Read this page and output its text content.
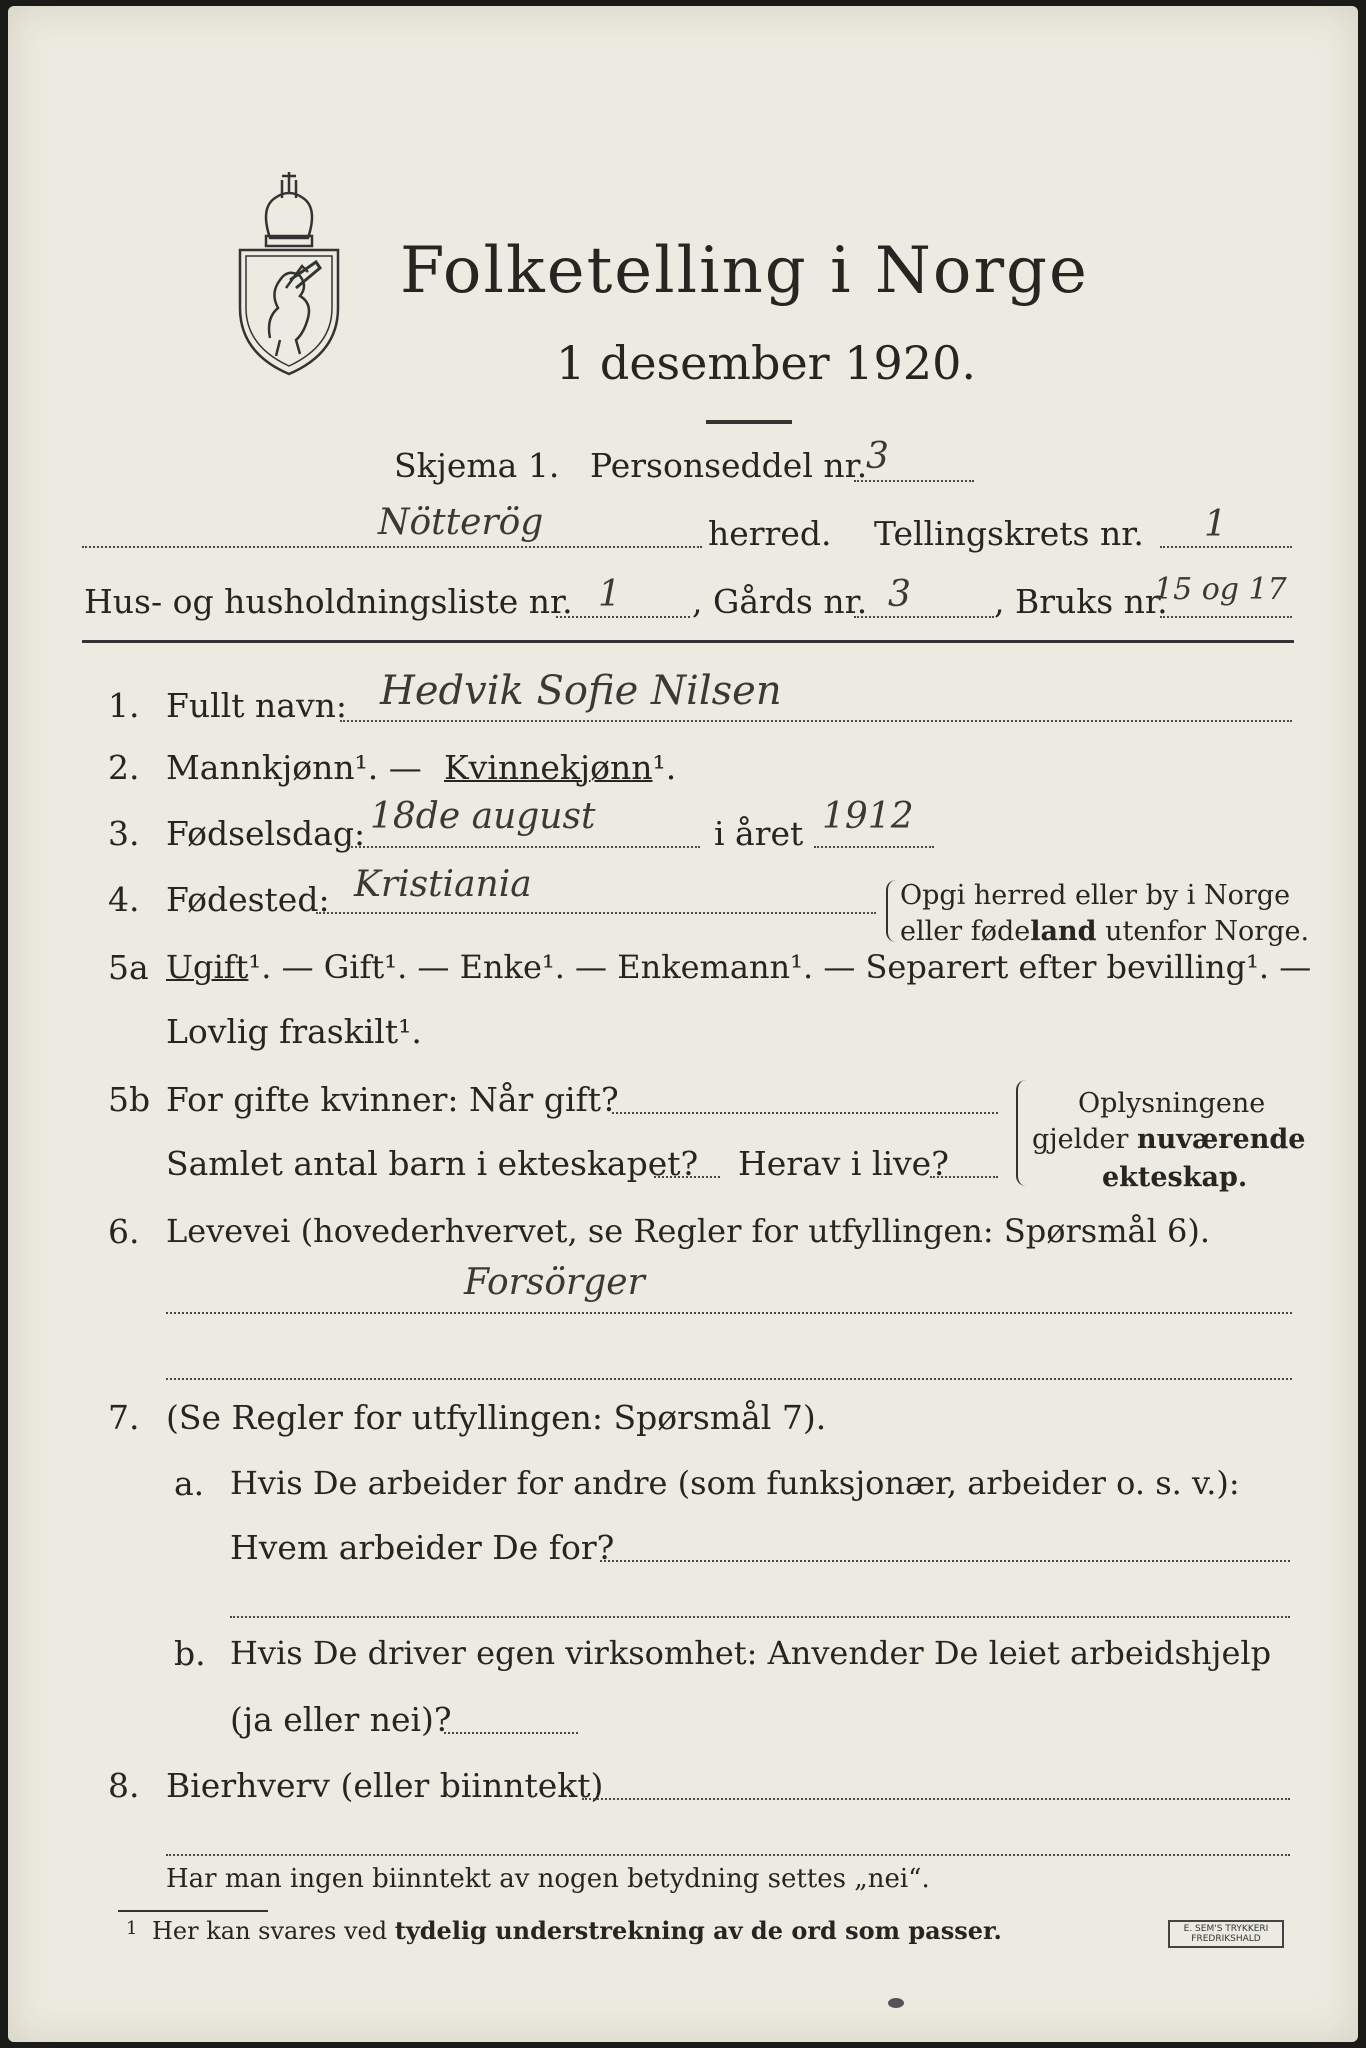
Folketelling i Norge
1 desember 1920.
Skjema 1. Personseddel nr.
3
Nötterög	herred. Tellingskrets nr. 1
Hus- og husholdningsliste nr. 1 , Gårds nr. 3	, Bruks nr.
15 og 17
1. Fullt navn: Hedvik Sofie Nilsen
2. Mannkjønn¹. — Kvinnekjønn¹.
3. Fødselsdag: 18de august	i året 1912
4. Fødested: Kristiania	Opgi herred eller by i Norge
eller fødeland utenfor Norge.
5a Ugift¹. — Gift¹. — Enke¹. — Enkemann¹. — Separert efter bevilling¹. —
Lovlig fraskilt¹.
5b For gifte kvinner: Når gift?
Samlet antal barn i ekteskapet? Herav i live?
Oplysningene
gjelder nuværende
ekteskap.
6. Levevei (hovederhvervet, se Regler for utfyllingen: Spørsmål 6).
Forsörger
7. (Se Regler for utfyllingen: Spørsmål 7).
a. Hvis De arbeider for andre (som funksjonær, arbeider o. s. v.):
Hvem arbeider De for?
b. Hvis De driver egen virksomhet: Anvender De leiet arbeidshjelp
(ja eller nei)?
8. Bierhverv (eller biinntekt)
Har man ingen biinntekt av nogen betydning settes „nei“.
1 Her kan svares ved tydelig understrekning av de ord som passer.	E. SEM'S TRYKKERI FREDRIKSHALD
